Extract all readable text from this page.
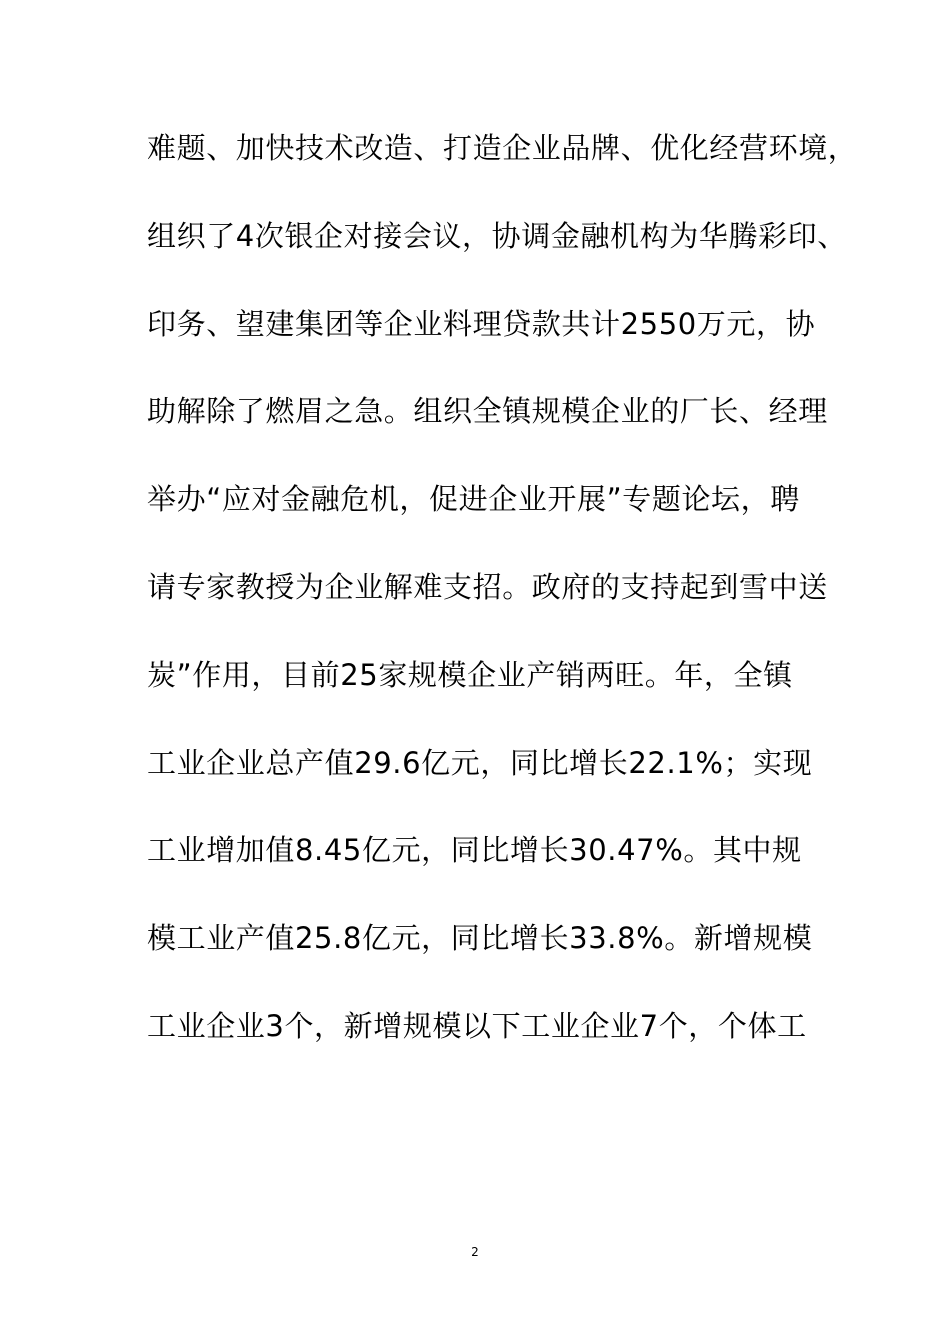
难题、加快技术改造、打造企业品牌、优化经营环境，
组织了4次银企对接会议，协调金融机构为华腾彩印、
印务、望建集团等企业料理贷款共计2550万元，协
助解除了燃眉之急。组织全镇规模企业的厂长、经理
举办“应对金融危机，促进企业开展”专题论坛，聘
请专家教授为企业解难支招。政府的支持起到雪中送
炭”作用，目前25家规模企业产销两旺。年，全镇
工业企业总产值29.6亿元，同比增长22.1%；实现
工业增加值8.45亿元，同比增长30.47%。其中规
模工业产值25.8亿元，同比增长33.8%。新增规模
工业企业3个，新增规模以下工业企业7个，个体工
2
